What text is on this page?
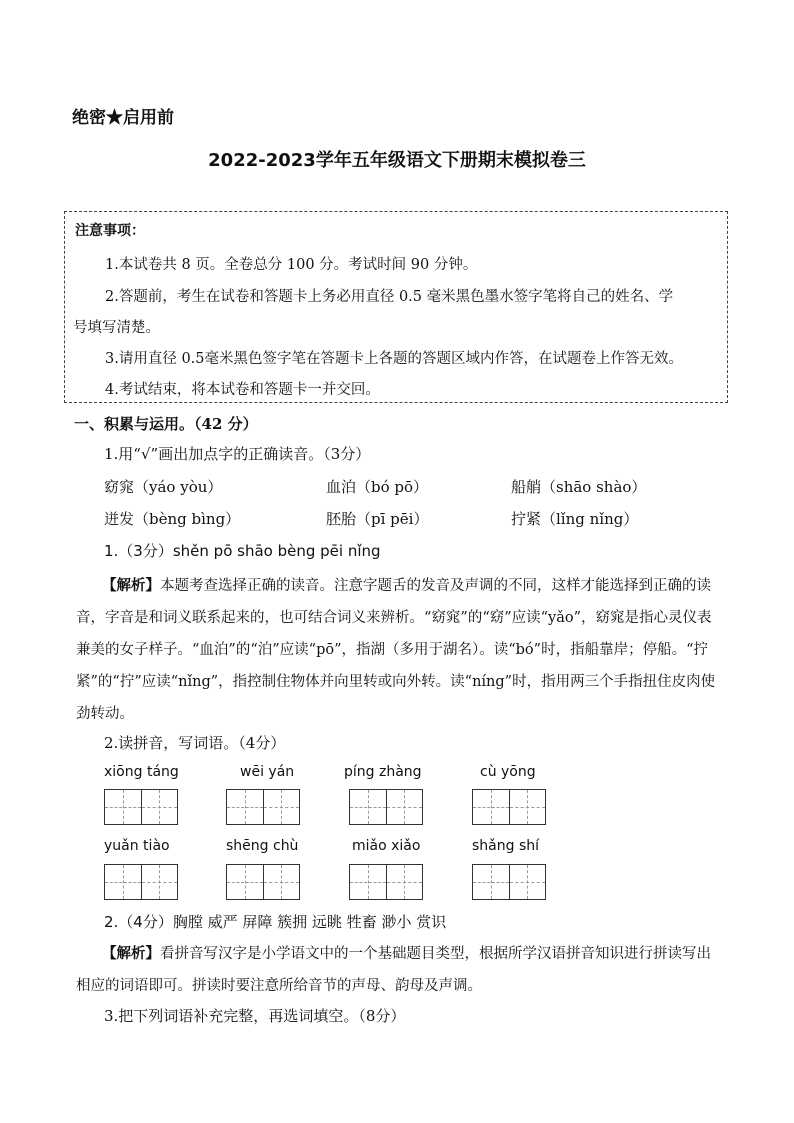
绝密★启用前
2022-2023学年五年级语文下册期末模拟卷三
注意事项：
1.本试卷共 8 页。全卷总分 100 分。考试时间 90 分钟。
2.答题前，考生在试卷和答题卡上务必用直径 0.5 毫米黑色墨水签字笔将自己的姓名、学
号填写清楚。
3.请用直径 0.5毫米黑色签字笔在答题卡上各题的答题区域内作答，在试题卷上作答无效。
4.考试结束，将本试卷和答题卡一并交回。
一、积累与运用。（42 分）
1.用“√”画出加点字的正确读音。（3分）
窈窕（yáo yòu）	血泊（bó pō）	船艄（shāo shào）
迸发（bèng bìng）	胚胎（pī pēi）	拧紧（lǐng nǐng）
1.（3分）shěn pō shāo bèng pēi nǐng
【解析】本题考查选择正确的读音。注意字题舌的发音及声调的不同，这样才能选择到正确的读音，字音是和词义联系起来的，也可结合词义来辨析。“窈窕”的“窈”应读“yǎo”，窈窕是指心灵仪表兼美的女子样子。“血泊”的“泊”应读“pō”，指湖（多用于湖名）。读“bó”时，指船靠岸；停船。“拧紧”的“拧”应读“nǐng”，指控制住物体并向里转或向外转。读“níng”时，指用两三个手指扭住皮肉使劲转动。
2.读拼音，写词语。（4分）
xiōng táng	wēi yán	píng zhàng	cù yōng
yuǎn tiào	shēng chù	miǎo xiǎo	shǎng shí
2.（4分）胸膛 威严 屏障 簇拥 远眺 牲畜 渺小 赏识
【解析】看拼音写汉字是小学语文中的一个基础题目类型，根据所学汉语拼音知识进行拼读写出相应的词语即可。拼读时要注意所给音节的声母、韵母及声调。
3.把下列词语补充完整，再选词填空。（8分）
